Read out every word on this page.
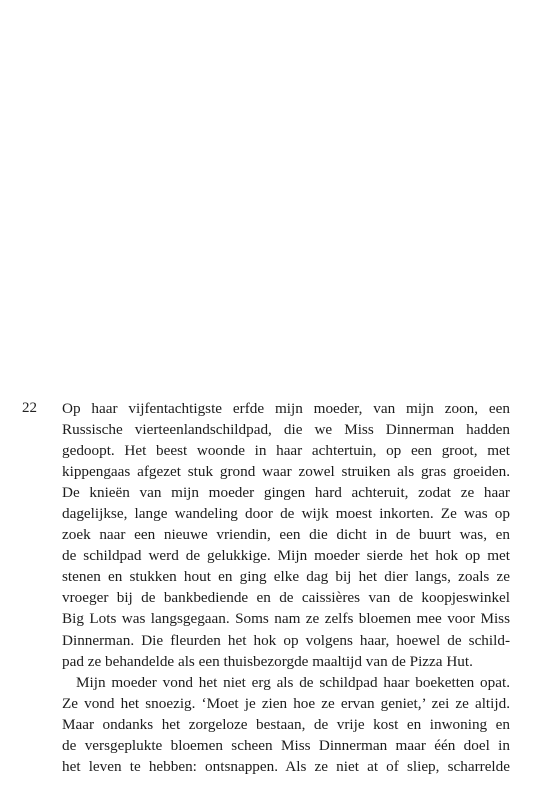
22 Op haar vijfentachtigste erfde mijn moeder, van mijn zoon, een
Russische vierteenlandschildpad, die we Miss Dinnerman hadden
gedoopt. Het beest woonde in haar achtertuin, op een groot, met
kippengaas afgezet stuk grond waar zowel struiken als gras groeiden.
De knieën van mijn moeder gingen hard achteruit, zodat ze haar
dagelijkse, lange wandeling door de wijk moest inkorten. Ze was op
zoek naar een nieuwe vriendin, een die dicht in de buurt was, en
de schildpad werd de gelukkige. Mijn moeder sierde het hok op met
stenen en stukken hout en ging elke dag bij het dier langs, zoals ze
vroeger bij de bankbediende en de caissières van de koopjeswinkel
Big Lots was langsgegaan. Soms nam ze zelfs bloemen mee voor Miss
Dinnerman. Die fleurden het hok op volgens haar, hoewel de schild-
pad ze behandelde als een thuisbezorgde maaltijd van de Pizza Hut.
Mijn moeder vond het niet erg als de schildpad haar boeketten opat.
Ze vond het snoezig. ‘Moet je zien hoe ze ervan geniet,’ zei ze altijd.
Maar ondanks het zorgeloze bestaan, de vrije kost en inwoning en
de versgeplukte bloemen scheen Miss Dinnerman maar één doel in
het leven te hebben: ontsnappen. Als ze niet at of sliep, scharrelde
